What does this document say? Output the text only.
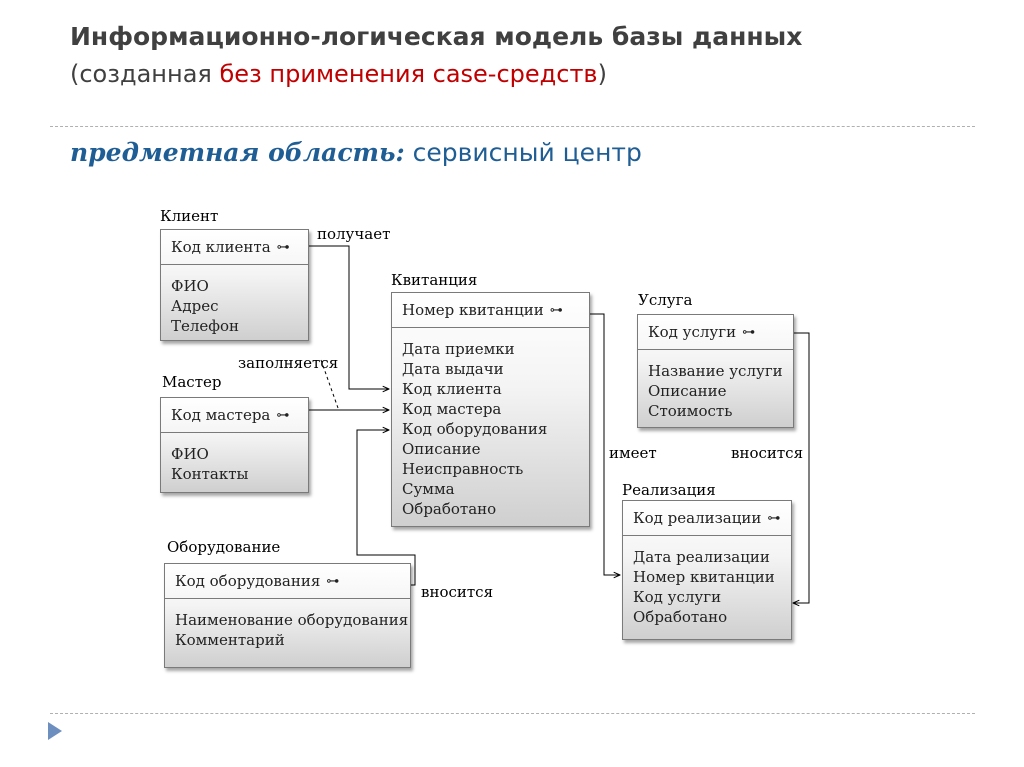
Информационно-логическая модель базы данных
(созданная без применения case-средств)
предметная область: сервисный центр
Клиент
Код клиента ⊶
ФИО
Адрес
Телефон
Мастер
Код мастера ⊶
ФИО
Контакты
Оборудование
Код оборудования ⊶
Наименование оборудования
Комментарий
Квитанция
Номер квитанции ⊶
Дата приемки
Дата выдачи
Код клиента
Код мастера
Код оборудования
Описание
Неисправность
Сумма
Обработано
Услуга
Код услуги ⊶
Название услуги
Описание
Стоимость
Реализация
Код реализации ⊶
Дата реализации
Номер квитанции
Код услуги
Обработано
получает
заполняется
вносится
имеет	вносится
